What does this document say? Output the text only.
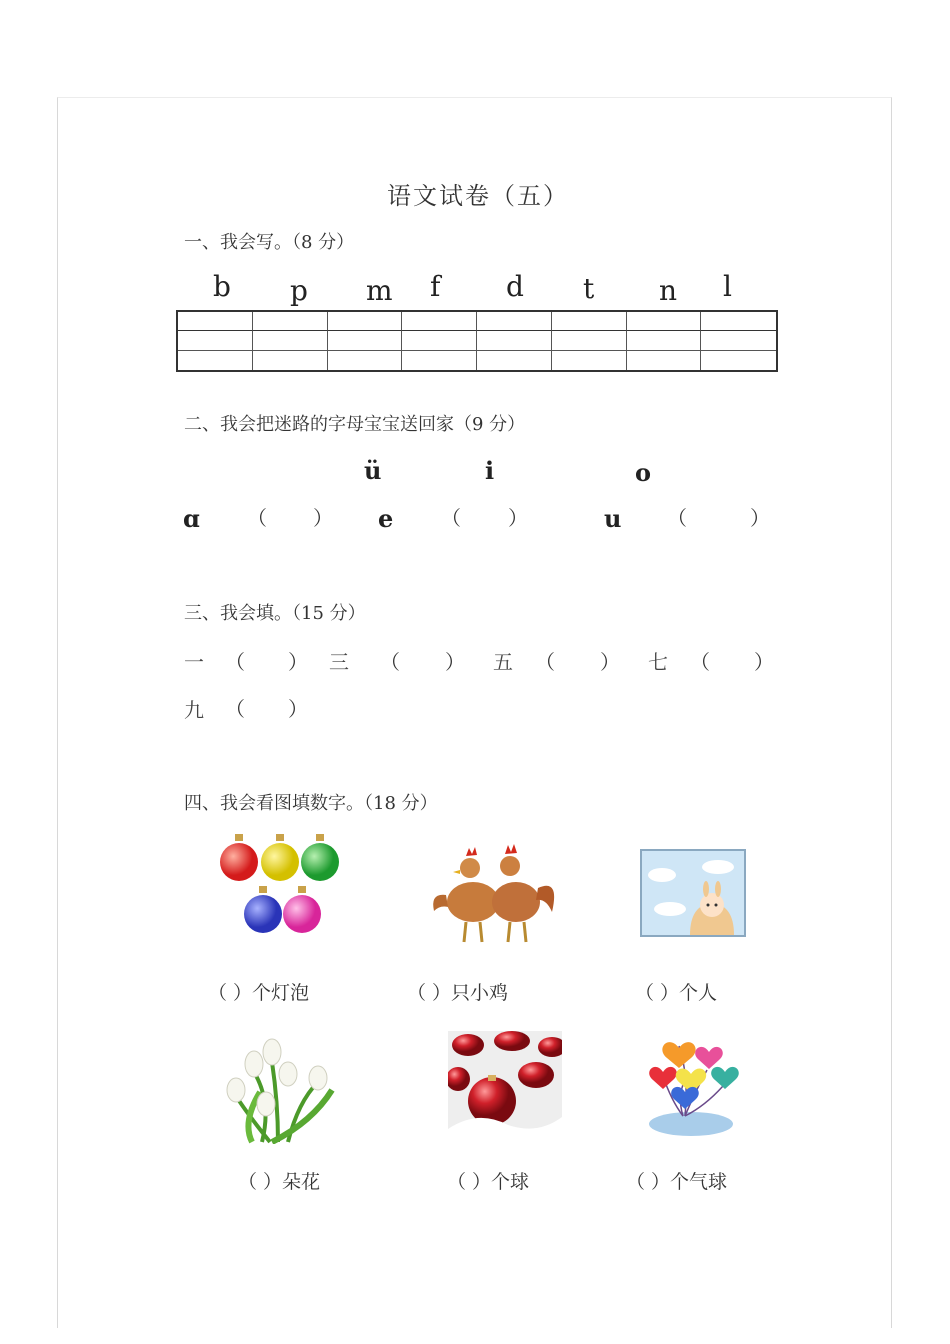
语文试卷（五）
一、我会写。（8 分）
b p m f d t n l
二、我会把迷路的字母宝宝送回家（9 分）
ü	i	o
ɑ （ ） e （ ）	u （	）
三、我会填。（15 分）
一 （ ） 三 （ ） 五 （ ） 七 （ ）
九 （ ）
四、我会看图填数字。（18 分）
（ ）个灯泡	（ ）只小鸡	（ ）个人
（ ）朵花	（ ）个球	（ ）个气球
